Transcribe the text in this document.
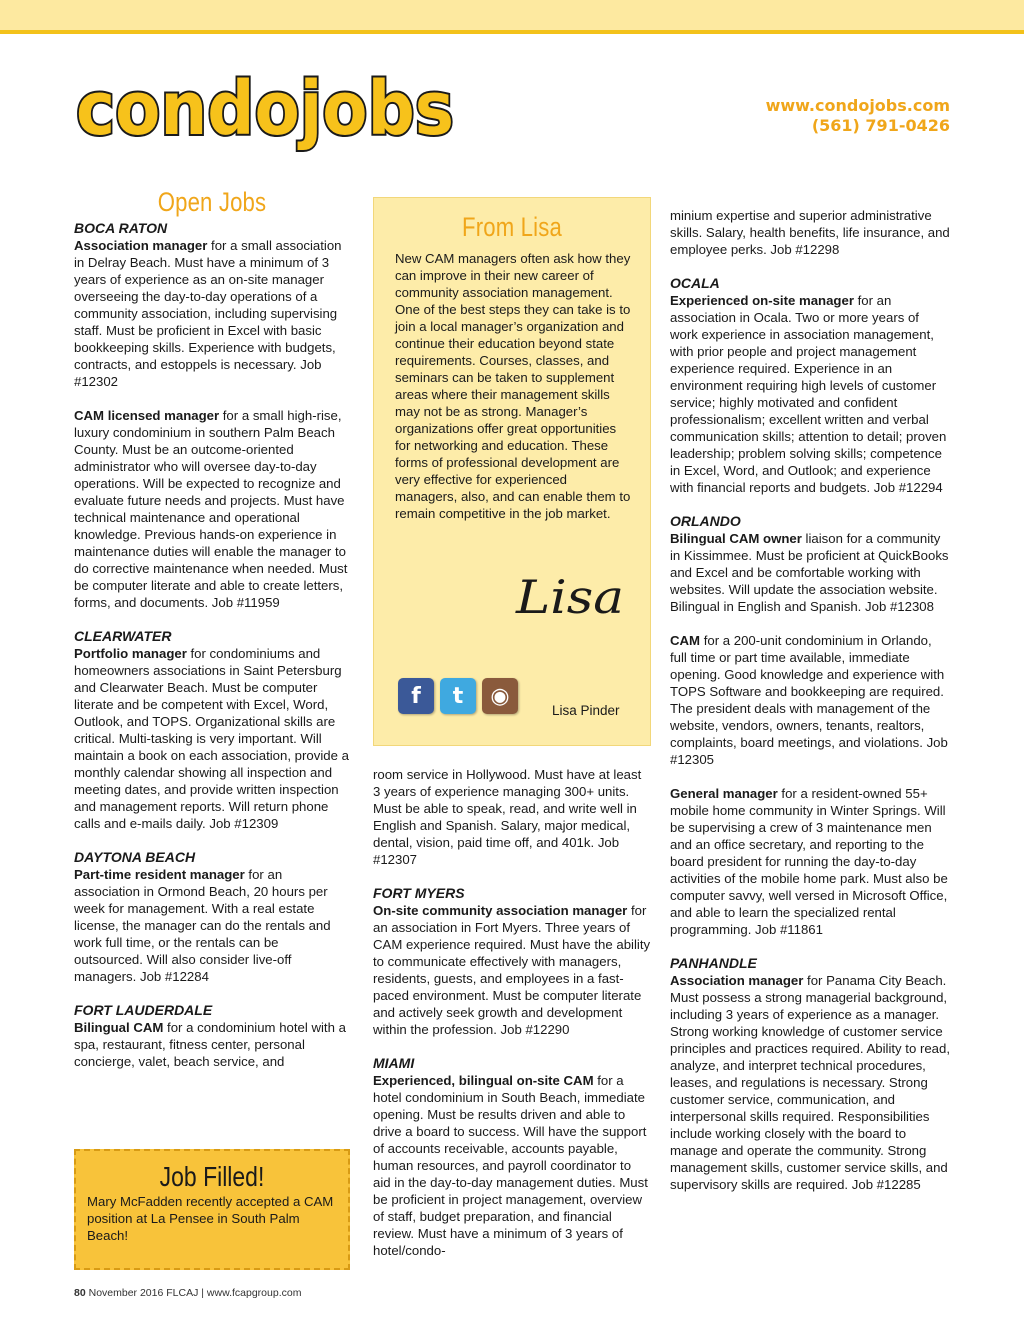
condojobs	www.condojobs.com
(561) 791-0426
Open Jobs
BOCA RATON

Association manager for a small association in Delray Beach. Must have a minimum of 3 years of experience as an on-site manager overseeing the day-to-day operations of a community association, including supervising staff. Must be proficient in Excel with basic bookkeeping skills. Experience with budgets, contracts, and estoppels is necessary. Job #12302

CAM licensed manager for a small high-rise, luxury condominium in southern Palm Beach County. Must be an outcome-oriented administrator who will oversee day-to-day operations. Will be expected to recognize and evaluate future needs and projects. Must have technical maintenance and operational knowledge. Previous hands-on experience in maintenance duties will enable the manager to do corrective maintenance when needed. Must be computer literate and able to create letters, forms, and documents. Job #11959

CLEARWATER

Portfolio manager for condominiums and homeowners associations in Saint Petersburg and Clearwater Beach. Must be computer literate and be competent with Excel, Word, Outlook, and TOPS. Organizational skills are critical. Multi-tasking is very important. Will maintain a book on each association, provide a monthly calendar showing all inspection and meeting dates, and provide written inspection and management reports. Will return phone calls and e-mails daily. Job #12309

DAYTONA BEACH

Part-time resident manager for an association in Ormond Beach, 20 hours per week for management. With a real estate license, the manager can do the rentals and work full time, or the rentals can be outsourced. Will also consider live-off managers. Job #12284

FORT LAUDERDALE

Bilingual CAM for a condominium hotel with a spa, restaurant, fitness center, personal concierge, valet, beach service, and

From Lisa
New CAM managers often ask how they can improve in their new career of community association management. One of the best steps they can take is to join a local manager’s organization and continue their education beyond state requirements. Courses, classes, and seminars can be taken to supplement areas where their management skills may not be as strong. Manager’s organizations offer great opportunities for networking and education. These forms of professional development are very effective for experienced managers, also, and can enable them to remain competitive in the job market.
Lisa
f	t	◉
Lisa Pinder

room service in Hollywood. Must have at least 3 years of experience managing 300+ units. Must be able to speak, read, and write well in English and Spanish. Salary, major medical, dental, vision, paid time off, and 401k. Job #12307

FORT MYERS

On-site community association manager for an association in Fort Myers. Three years of CAM experience required. Must have the ability to communicate effectively with managers, residents, guests, and employees in a fast-paced environment. Must be computer literate and actively seek growth and development within the profession. Job #12290

MIAMI

Experienced, bilingual on-site CAM for a hotel condominium in South Beach, immediate opening. Must be results driven and able to drive a board to success. Will have the support of accounts receivable, accounts payable, human resources, and payroll coordinator to aid in the day-to-day management duties. Must be proficient in project management, overview of staff, budget preparation, and financial review. Must have a minimum of 3 years of hotel/condo-

minium expertise and superior administrative skills. Salary, health benefits, life insurance, and employee perks. Job #12298

OCALA

Experienced on-site manager for an association in Ocala. Two or more years of work experience in association management, with prior people and project management experience required. Experience in an environment requiring high levels of customer service; highly motivated and confident professionalism; excellent written and verbal communication skills; attention to detail; proven leadership; problem solving skills; competence in Excel, Word, and Outlook; and experience with financial reports and budgets. Job #12294

ORLANDO

Bilingual CAM owner liaison for a community in Kissimmee. Must be proficient at QuickBooks and Excel and be comfortable working with websites. Will update the association website. Bilingual in English and Spanish. Job #12308

CAM for a 200-unit condominium in Orlando, full time or part time available, immediate opening. Good knowledge and experience with TOPS Software and bookkeeping are required. The president deals with management of the website, vendors, owners, tenants, realtors, complaints, board meetings, and violations. Job #12305

General manager for a resident-owned 55+ mobile home community in Winter Springs. Will be supervising a crew of 3 maintenance men and an office secretary, and reporting to the board president for running the day-to-day activities of the mobile home park. Must also be computer savvy, well versed in Microsoft Office, and able to learn the specialized rental programming. Job #11861

PANHANDLE

Association manager for Panama City Beach. Must possess a strong managerial background, including 3 years of experience as a manager. Strong working knowledge of customer service principles and practices required. Ability to read, analyze, and interpret technical procedures, leases, and regulations is necessary. Strong customer service, communication, and interpersonal skills required. Responsibilities include working closely with the board to manage and operate the community. Strong management skills, customer service skills, and supervisory skills are required. Job #12285

Job Filled!
Mary McFadden recently accepted a CAM position at La Pensee in South Palm Beach!
80 November 2016 FLCAJ | www.fcapgroup.com
